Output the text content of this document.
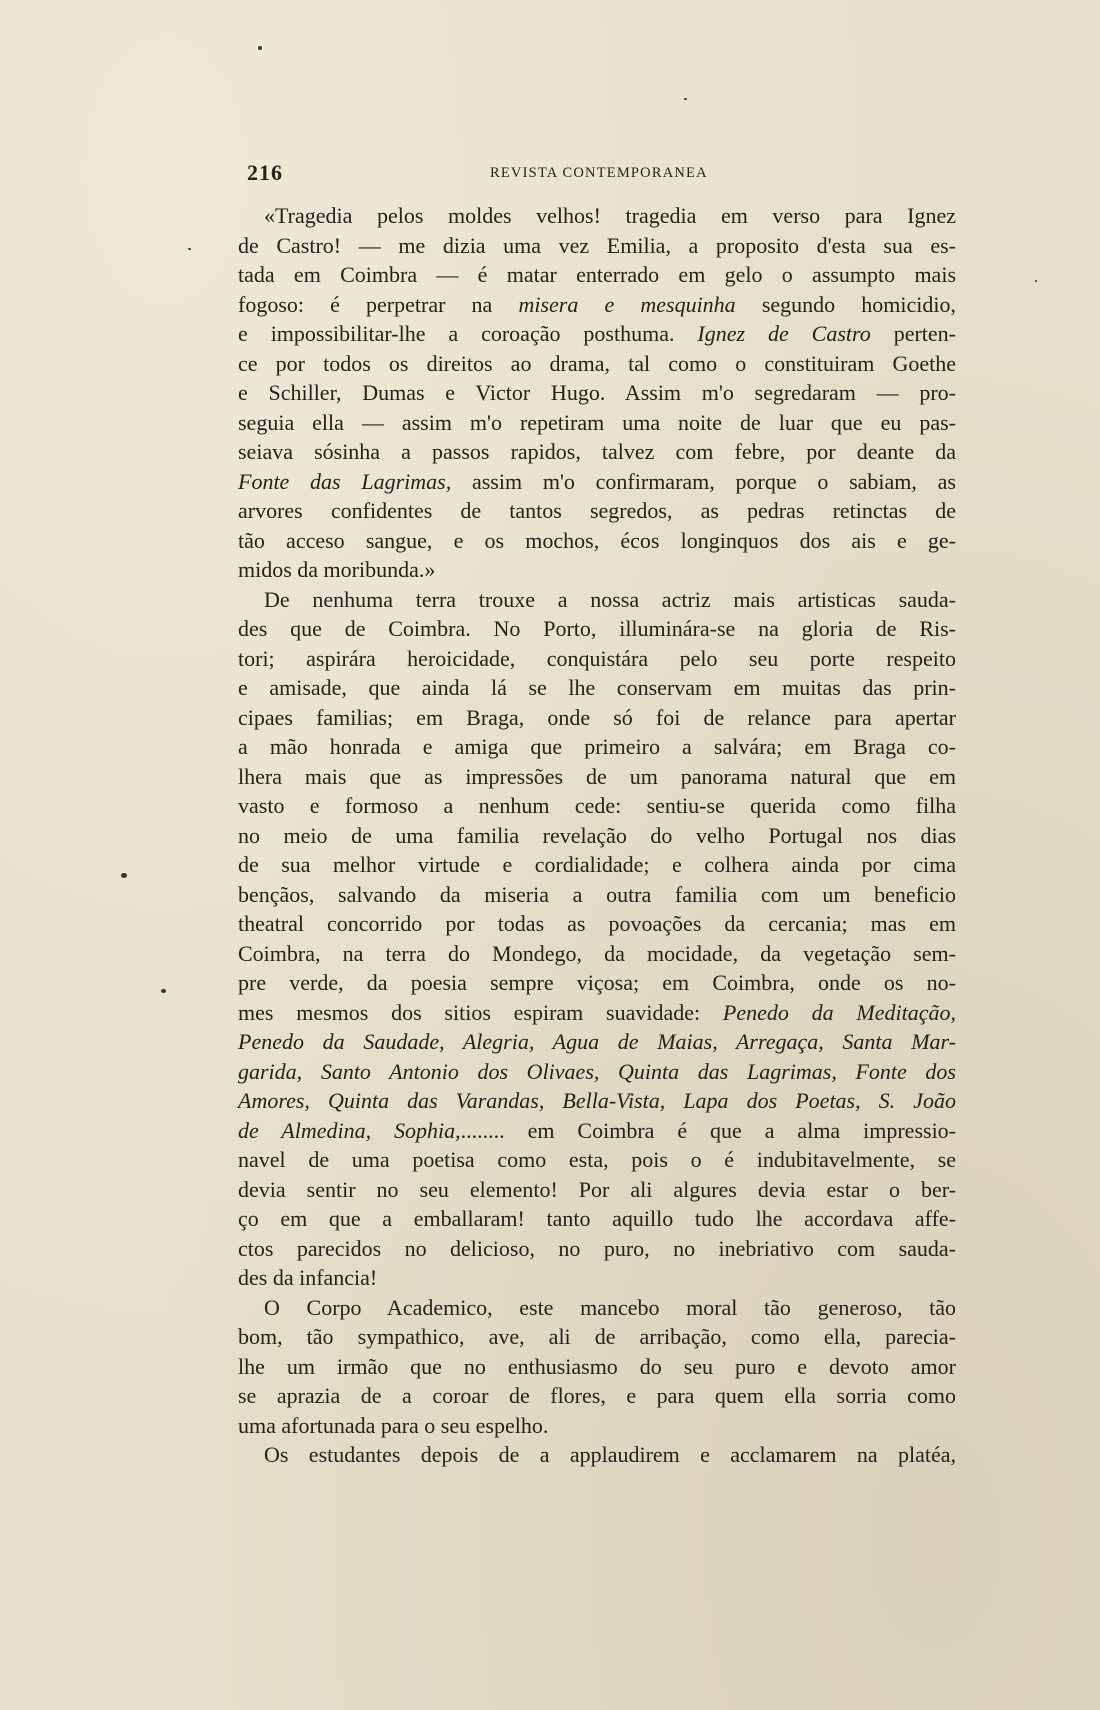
216	REVISTA CONTEMPORANEA
«Tragedia pelos moldes velhos! tragedia em verso para Ignez
de Castro! — me dizia uma vez Emilia, a proposito d'esta sua es-
tada em Coimbra — é matar enterrado em gelo o assumpto mais
fogoso: é perpetrar na misera e mesquinha segundo homicidio,
e impossibilitar-lhe a coroação posthuma. Ignez de Castro perten-
ce por todos os direitos ao drama, tal como o constituiram Goethe
e Schiller, Dumas e Victor Hugo. Assim m'o segredaram — pro-
seguia ella — assim m'o repetiram uma noite de luar que eu pas-
seiava sósinha a passos rapidos, talvez com febre, por deante da
Fonte das Lagrimas, assim m'o confirmaram, porque o sabiam, as
arvores confidentes de tantos segredos, as pedras retinctas de
tão acceso sangue, e os mochos, écos longinquos dos ais e ge-
midos da moribunda.»
De nenhuma terra trouxe a nossa actriz mais artisticas sauda-
des que de Coimbra. No Porto, illuminára-se na gloria de Ris-
tori; aspirára heroicidade, conquistára pelo seu porte respeito
e amisade, que ainda lá se lhe conservam em muitas das prin-
cipaes familias; em Braga, onde só foi de relance para apertar
a mão honrada e amiga que primeiro a salvára; em Braga co-
lhera mais que as impressões de um panorama natural que em
vasto e formoso a nenhum cede: sentiu-se querida como filha
no meio de uma familia revelação do velho Portugal nos dias
de sua melhor virtude e cordialidade; e colhera ainda por cima
bençãos, salvando da miseria a outra familia com um beneficio
theatral concorrido por todas as povoações da cercania; mas em
Coimbra, na terra do Mondego, da mocidade, da vegetação sem-
pre verde, da poesia sempre viçosa; em Coimbra, onde os no-
mes mesmos dos sitios espiram suavidade: Penedo da Meditação,
Penedo da Saudade, Alegria, Agua de Maias, Arregaça, Santa Mar-
garida, Santo Antonio dos Olivaes, Quinta das Lagrimas, Fonte dos
Amores, Quinta das Varandas, Bella-Vista, Lapa dos Poetas, S. João
de Almedina, Sophia,........ em Coimbra é que a alma impressio-
navel de uma poetisa como esta, pois o é indubitavelmente, se
devia sentir no seu elemento! Por ali algures devia estar o ber-
ço em que a emballaram! tanto aquillo tudo lhe accordava affe-
ctos parecidos no delicioso, no puro, no inebriativo com sauda-
des da infancia!
O Corpo Academico, este mancebo moral tão generoso, tão
bom, tão sympathico, ave, ali de arribação, como ella, parecia-
lhe um irmão que no enthusiasmo do seu puro e devoto amor
se aprazia de a coroar de flores, e para quem ella sorria como
uma afortunada para o seu espelho.
Os estudantes depois de a applaudirem e acclamarem na platéa,
